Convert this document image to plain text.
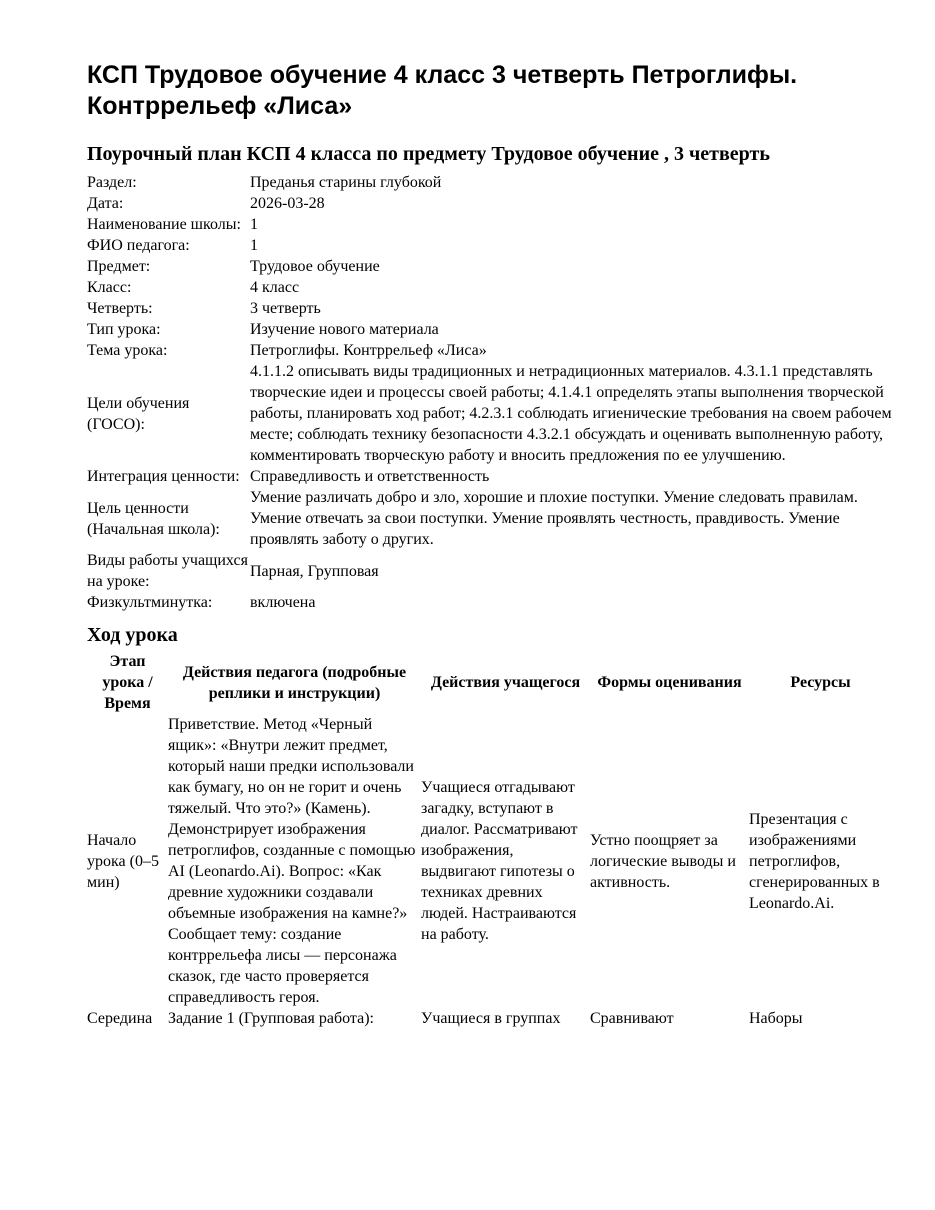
КСП Трудовое обучение 4 класс 3 четверть Петроглифы. Контррельеф «Лиса»
Поурочный план КСП 4 класса по предмету Трудовое обучение , 3 четверть
Раздел:	Преданья старины глубокой
Дата:	2026-03-28
Наименование школы:	1
ФИО педагога:	1
Предмет:	Трудовое обучение
Класс:	4 класс
Четверть:	3 четверть
Тип урока:	Изучение нового материала
Тема урока:	Петроглифы. Контррельеф «Лиса»
Цели обучения (ГОСО):	4.1.1.2 описывать виды традиционных и нетрадиционных материалов. 4.3.1.1 представлять творческие идеи и процессы своей работы; 4.1.4.1 определять этапы выполнения творческой работы, планировать ход работ; 4.2.3.1 соблюдать игиенические требования на своем рабочем месте; соблюдать технику безопасности 4.3.2.1 обсуждать и оценивать выполненную работу, комментировать творческую работу и вносить предложения по ее улучшению.
Интеграция ценности:	Справедливость и ответственность
Цель ценности (Начальная школа):	Умение различать добро и зло, хорошие и плохие поступки. Умение следовать правилам. Умение отвечать за свои поступки. Умение проявлять честность, правдивость. Умение проявлять заботу о других.
Виды работы учащихся на уроке:	Парная, Групповая
Физкультминутка:	включена
Ход урока
Этап урока / Время	Действия педагога (подробные реплики и инструкции)	Действия учащегося	Формы оценивания	Ресурсы
Начало урока (0–5 мин)	Приветствие. Метод «Черный ящик»: «Внутри лежит предмет, который наши предки использовали как бумагу, но он не горит и очень тяжелый. Что это?» (Камень). Демонстрирует изображения петроглифов, созданные с помощью AI (Leonardo.Ai). Вопрос: «Как древние художники создавали объемные изображения на камне?» Сообщает тему: создание контррельефа лисы — персонажа сказок, где часто проверяется справедливость героя.	Учащиеся отгадывают загадку, вступают в диалог. Рассматривают изображения, выдвигают гипотезы о техниках древних людей. Настраиваются на работу.	Устно поощряет за логические выводы и активность.	Презентация с изображениями петроглифов, сгенерированных в Leonardo.Ai.
Середина	Задание 1 (Групповая работа):	Учащиеся в группах	Сравнивают	Наборы
